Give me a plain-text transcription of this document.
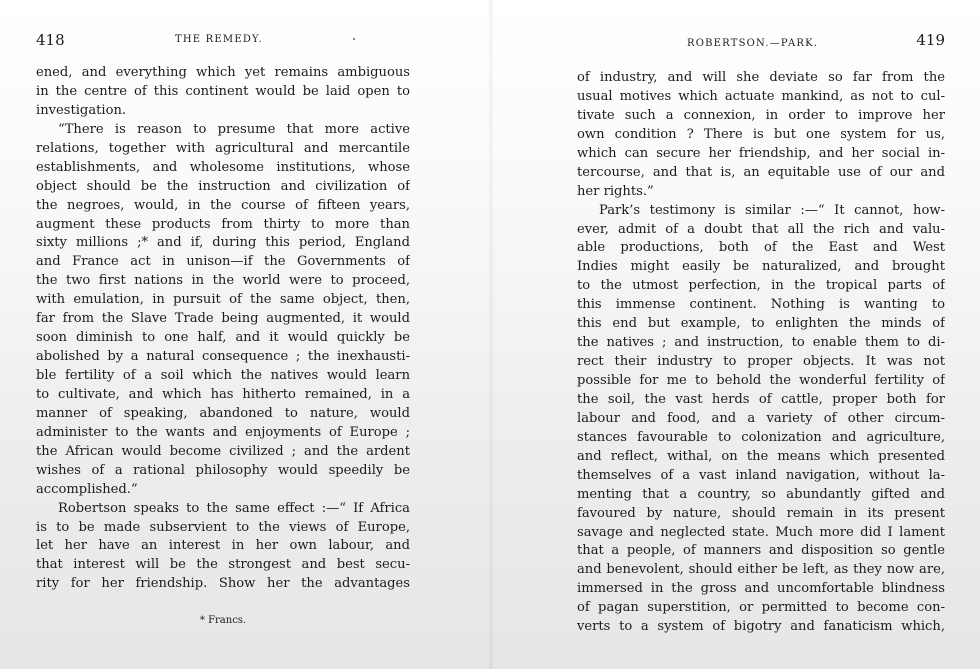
418	THE REMEDY.
ened, and everything which yet remains ambiguous
in the centre of this continent would be laid open to
investigation.
“There is reason to presume that more active
relations, together with agricultural and mercantile
establishments, and wholesome institutions, whose
object should be the instruction and civilization of
the negroes, would, in the course of fifteen years,
augment these products from thirty to more than
sixty millions ;* and if, during this period, England
and France act in unison—if the Governments of
the two first nations in the world were to proceed,
with emulation, in pursuit of the same object, then,
far from the Slave Trade being augmented, it would
soon diminish to one half, and it would quickly be
abolished by a natural consequence ; the inexhausti-
ble fertility of a soil which the natives would learn
to cultivate, and which has hitherto remained, in a
manner of speaking, abandoned to nature, would
administer to the wants and enjoyments of Europe ;
the African would become civilized ; and the ardent
wishes of a rational philosophy would speedily be
accomplished.”
Robertson speaks to the same effect :—“ If Africa
is to be made subservient to the views of Europe,
let her have an interest in her own labour, and
that interest will be the strongest and best secu-
rity for her friendship. Show her the advantages
* Francs.
ROBERTSON.—PARK.	419
of industry, and will she deviate so far from the
usual motives which actuate mankind, as not to cul-
tivate such a connexion, in order to improve her
own condition ? There is but one system for us,
which can secure her friendship, and her social in-
tercourse, and that is, an equitable use of our and
her rights.”
Park’s testimony is similar :—“ It cannot, how-
ever, admit of a doubt that all the rich and valu-
able productions, both of the East and West
Indies might easily be naturalized, and brought
to the utmost perfection, in the tropical parts of
this immense continent. Nothing is wanting to
this end but example, to enlighten the minds of
the natives ; and instruction, to enable them to di-
rect their industry to proper objects. It was not
possible for me to behold the wonderful fertility of
the soil, the vast herds of cattle, proper both for
labour and food, and a variety of other circum-
stances favourable to colonization and agriculture,
and reflect, withal, on the means which presented
themselves of a vast inland navigation, without la-
menting that a country, so abundantly gifted and
favoured by nature, should remain in its present
savage and neglected state. Much more did I lament
that a people, of manners and disposition so gentle
and benevolent, should either be left, as they now are,
immersed in the gross and uncomfortable blindness
of pagan superstition, or permitted to become con-
verts to a system of bigotry and fanaticism which,
